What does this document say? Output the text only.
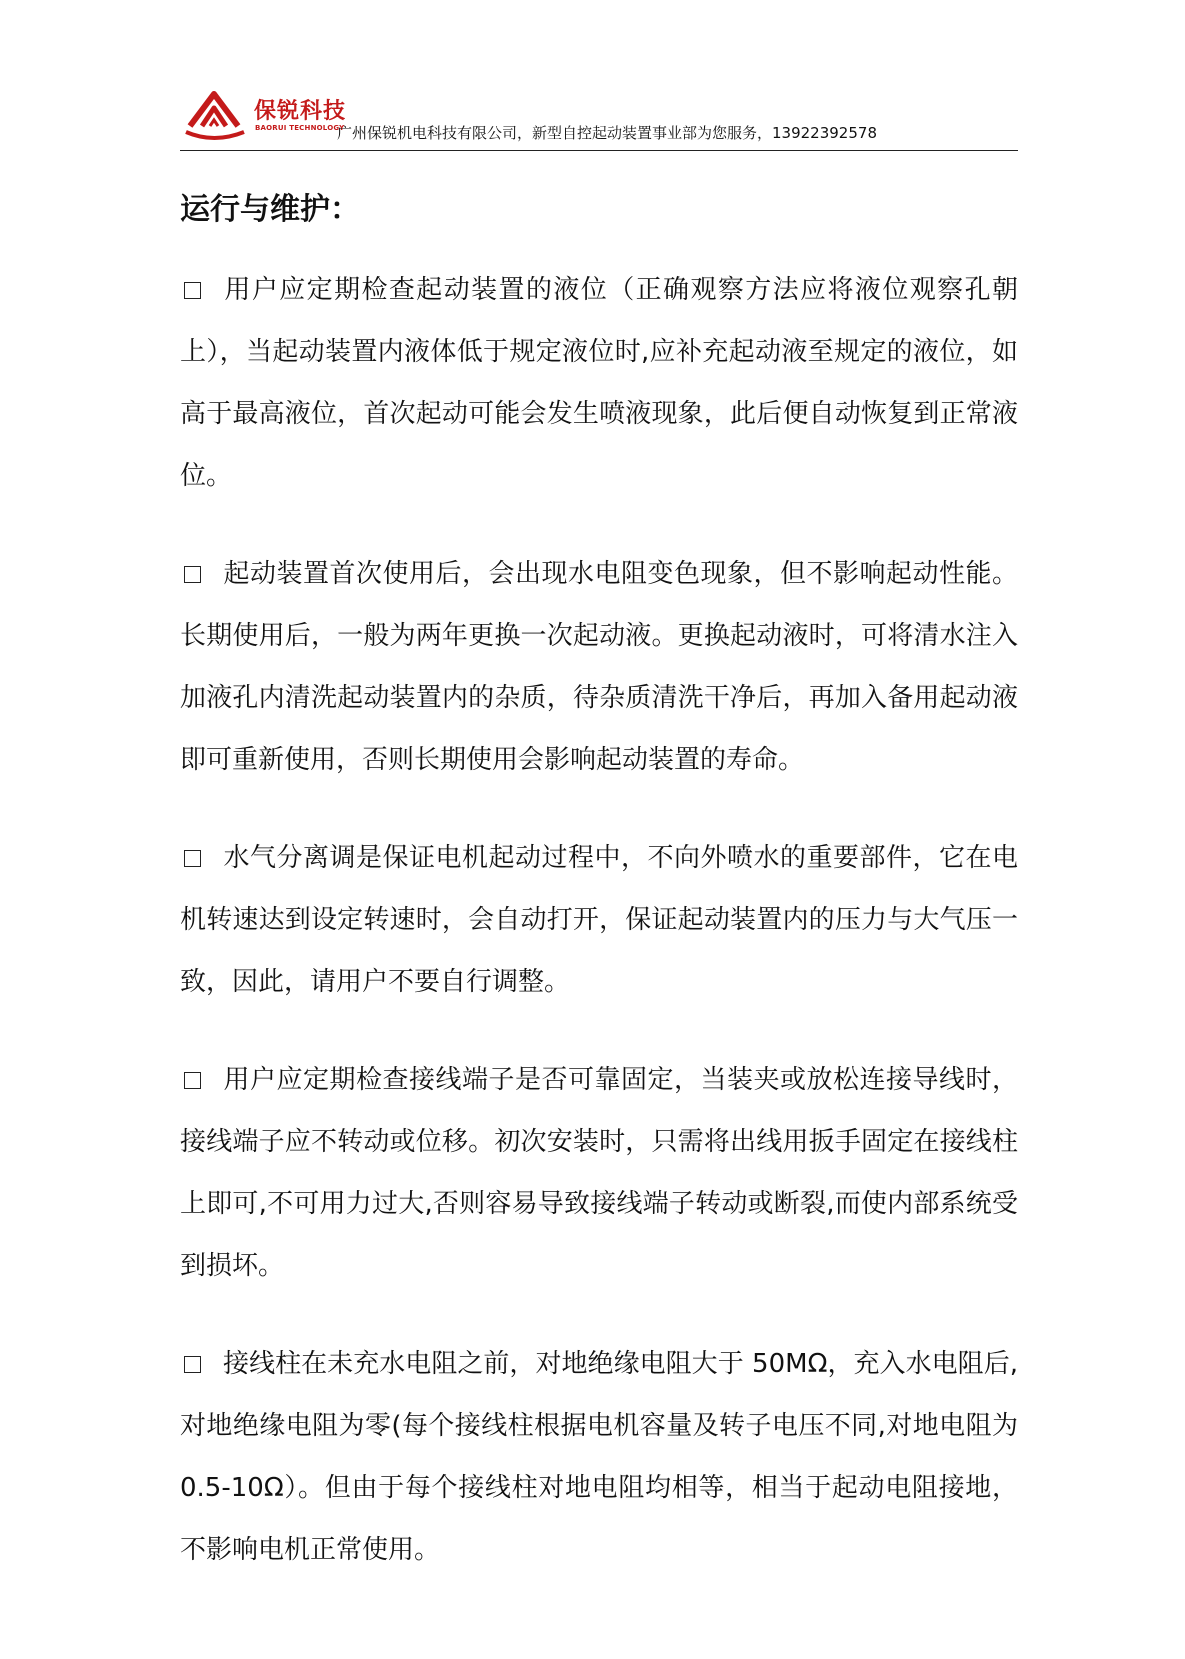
保锐科技
BAORUI TECHNOLOGY
广州保锐机电科技有限公司，新型自控起动装置事业部为您服务，13922392578
运行与维护：

用户应定期检查起动装置的液位（正确观察方法应将液位观察孔朝上），当起动装置内液体低于规定液位时,应补充起动液至规定的液位，如高于最高液位，首次起动可能会发生喷液现象，此后便自动恢复到正常液位。

起动装置首次使用后，会出现水电阻变色现象，但不影响起动性能。长期使用后，一般为两年更换一次起动液。更换起动液时，可将清水注入加液孔内清洗起动装置内的杂质，待杂质清洗干净后，再加入备用起动液即可重新使用，否则长期使用会影响起动装置的寿命。

水气分离调是保证电机起动过程中，不向外喷水的重要部件，它在电机转速达到设定转速时，会自动打开，保证起动装置内的压力与大气压一致，因此，请用户不要自行调整。

用户应定期检查接线端子是否可靠固定，当装夹或放松连接导线时，接线端子应不转动或位移。初次安装时，只需将出线用扳手固定在接线柱上即可,不可用力过大,否则容易导致接线端子转动或断裂,而使内部系统受到损坏。

接线柱在未充水电阻之前，对地绝缘电阻大于 50MΩ，充入水电阻后,对地绝缘电阻为零(每个接线柱根据电机容量及转子电压不同,对地电阻为 0.5-10Ω）。但由于每个接线柱对地电阻均相等，相当于起动电阻接地，不影响电机正常使用。
